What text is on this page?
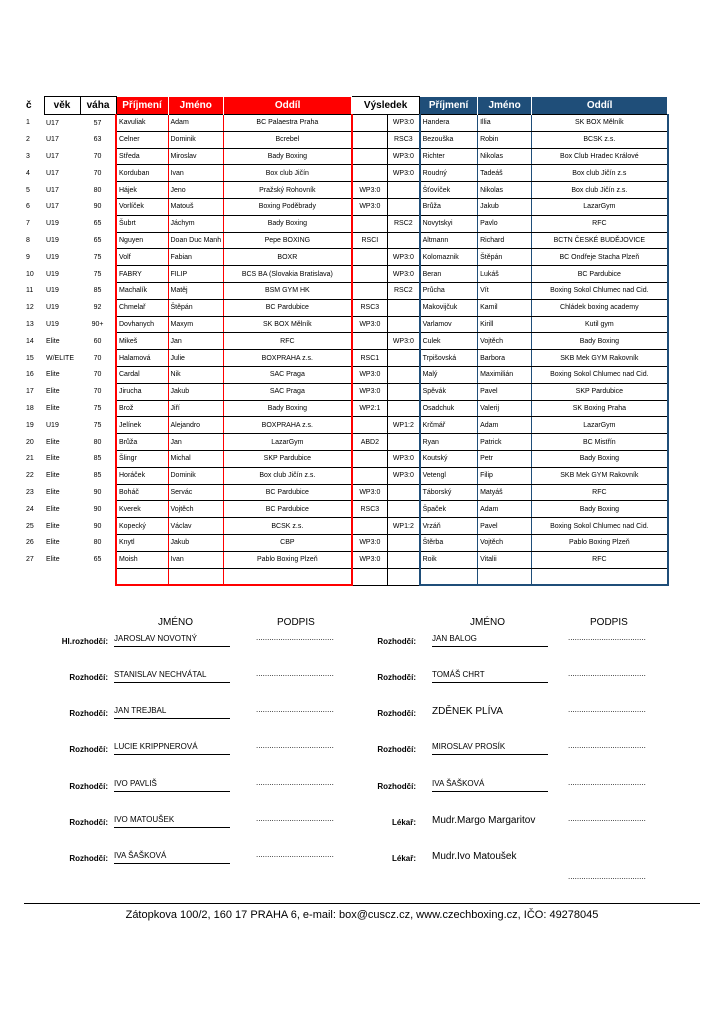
č	věk	váha	Příjmení	Jméno	Oddíl	Výsledek		Příjmení	Jméno	Oddíl
1	U17	57	Kavuliak	Adam	BC Palaestra Praha		WP3:0	Handera	Illia	SK BOX Mělník
2	U17	63	Celner	Dominik	Bcrebel		RSC3	Bezouška	Robin	BCSK z.s.
3	U17	70	Středa	Miroslav	Bady Boxing		WP3:0	Richter	Nikolas	Box Club Hradec Králové
4	U17	70	Korduban	Ivan	Box club Jičín		WP3:0	Roudný	Tadeáš	Box club Jičín z.s
5	U17	80	Hájek	Jeno	Pražský Rohovník	WP3:0		Šťovíček	Nikolas	Box club Jičín z.s.
6	U17	90	Vorlíček	Matouš	Boxing Poděbrady	WP3:0		Brůža	Jakub	LazarGym
7	U19	65	Šubrt	Jáchym	Bady Boxing		RSC2	Novytskyi	Pavlo	RFC
8	U19	65	Nguyen	Doan Duc Manh	Pepe BOXING	RSCI		Altmann	Richard	BCTN ČESKÉ BUDĚJOVICE
9	U19	75	Volf	Fabian	BOXR		WP3:0	Kolomaznik	Štěpán	BC Ondřeje Stacha Plzeň
10	U19	75	FABRY	FILIP	BCS BA (Slovakia Bratislava)		WP3:0	Beran	Lukáš	BC Pardubice
11	U19	85	Machalík	Matěj	BSM GYM HK		RSC2	Průcha	Vít	Boxing Sokol Chlumec nad Cid.
12	U19	92	Chmelař	Štěpán	BC Pardubice	RSC3		Makovijčuk	Kamil	Chládek boxing academy
13	U19	90+	Dovhanych	Maxym	SK BOX Mělník	WP3:0		Varlamov	Kirill	Kutil gym
14	Elite	60	Mikeš	Jan	RFC		WP3:0	Culek	Vojtěch	Bady Boxing
15	W/ELITE	70	Halamová	Julie	BOXPRAHA z.s.	RSC1		Trpišovská	Barbora	SKB Mek GYM Rakovník
16	Elite	70	Cardal	Nik	SAC Praga	WP3:0		Malý	Maximilián	Boxing Sokol Chlumec nad Cid.
17	Elite	70	Jirucha	Jakub	SAC Praga	WP3:0		Spěvák	Pavel	SKP Pardubice
18	Elite	75	Brož	Jiří	Bady Boxing	WP2:1		Osadchuk	Valerij	SK Boxing Praha
19	U19	75	Jelínek	Alejandro	BOXPRAHA z.s.		WP1:2	Krčmář	Adam	LazarGym
20	Elite	80	Brůža	Jan	LazarGym	ABD2		Ryan	Patrick	BC Mistřín
21	Elite	85	Šlingr	Michal	SKP Pardubice		WP3:0	Koutský	Petr	Bady Boxing
22	Elite	85	Horáček	Dominik	Box club Jičín z.s.		WP3:0	Vetengl	Filip	SKB Mek GYM Rakovník
23	Elite	90	Boháč	Servác	BC Pardubice	WP3:0		Táborský	Matyáš	RFC
24	Elite	90	Kverek	Vojtěch	BC Pardubice	RSC3		Špaček	Adam	Bady Boxing
25	Elite	90	Kopecký	Václav	BCSK z.s.		WP1:2	Vrzáň	Pavel	Boxing Sokol Chlumec nad Cid.
26	Elite	80	Knytl	Jakub	CBP	WP3:0		Štěrba	Vojtěch	Pablo Boxing Plzeň
27	Elite	65	Moish	Ivan	Pablo Boxing Plzeň	WP3:0		Roik	Vitalii	RFC

JMÉNO	PODPIS	JMÉNO	PODPIS
Hl.rozhodčí: JAROSLAV NOVOTNÝ	...................................
Rozhodčí: STANISLAV NECHVÁTAL	...................................
Rozhodčí: JAN TREJBAL	...................................
Rozhodčí: LUCIE KRIPPNEROVÁ	...................................
Rozhodčí: IVO PAVLIŠ	...................................
Rozhodčí: IVO MATOUŠEK	...................................
Rozhodčí: IVA ŠAŠKOVÁ	...................................
Rozhodčí: JAN BALOG	...................................
Rozhodčí: TOMÁŠ CHRT	...................................
Rozhodčí: ZDĚNEK PLÍVA	...................................
Rozhodčí: MIROSLAV PROSÍK	...................................
Rozhodčí: IVA ŠAŠKOVÁ	...................................
Lékař: Mudr.Margo Margaritov	...................................
Lékař: Mudr.Ivo Matoušek
...................................
Zátopkova 100/2, 160 17 PRAHA 6, e-mail: box@cuscz.cz, www.czechboxing.cz, IČO: 49278045
